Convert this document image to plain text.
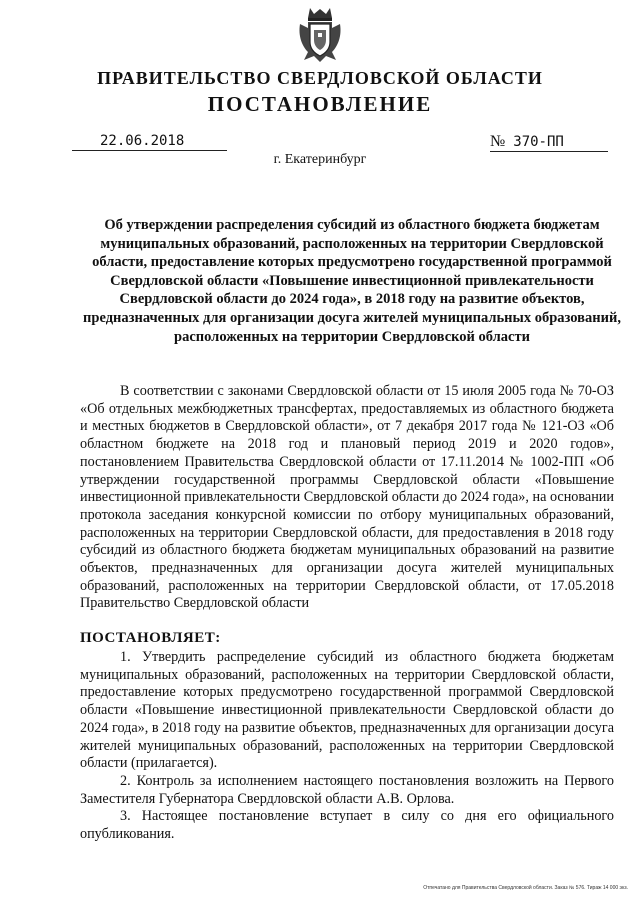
ПРАВИТЕЛЬСТВО СВЕРДЛОВСКОЙ ОБЛАСТИ
ПОСТАНОВЛЕНИЕ
22.06.2018	№ 370-ПП
г. Екатеринбург
Об утверждении распределения субсидий из областного бюджета бюджетам муниципальных образований, расположенных на территории Свердловской области, предоставление которых предусмотрено государственной программой Свердловской области «Повышение инвестиционной привлекательности Свердловской области до 2024 года», в 2018 году на развитие объектов, предназначенных для организации досуга жителей муниципальных образований, расположенных на территории Свердловской области

В соответствии с законами Свердловской области от 15 июля 2005 года № 70-ОЗ «Об отдельных межбюджетных трансфертах, предоставляемых из областного бюджета и местных бюджетов в Свердловской области», от 7 декабря 2017 года № 121-ОЗ «Об областном бюджете на 2018 год и плановый период 2019 и 2020 годов», постановлением Правительства Свердловской области от 17.11.2014 № 1002-ПП «Об утверждении государственной программы Свердловской области «Повышение инвестиционной привлекательности Свердловской области до 2024 года», на основании протокола заседания конкурсной комиссии по отбору муниципальных образований, расположенных на территории Свердловской области, для предоставления в 2018 году субсидий из областного бюджета бюджетам муниципальных образований на развитие объектов, предназначенных для организации досуга жителей муниципальных образований, расположенных на территории Свердловской области, от 17.05.2018 Правительство Свердловской области

ПОСТАНОВЛЯЕТ:

1. Утвердить распределение субсидий из областного бюджета бюджетам муниципальных образований, расположенных на территории Свердловской области, предоставление которых предусмотрено государственной программой Свердловской области «Повышение инвестиционной привлекательности Свердловской области до 2024 года», в 2018 году на развитие объектов, предназначенных для организации досуга жителей муниципальных образований, расположенных на территории Свердловской области (прилагается).

2. Контроль за исполнением настоящего постановления возложить на Первого Заместителя Губернатора Свердловской области А.В. Орлова.

3. Настоящее постановление вступает в силу со дня его официального опубликования.

Отпечатано для Правительства Свердловской области. Заказ № 576. Тираж 14 000 экз.
